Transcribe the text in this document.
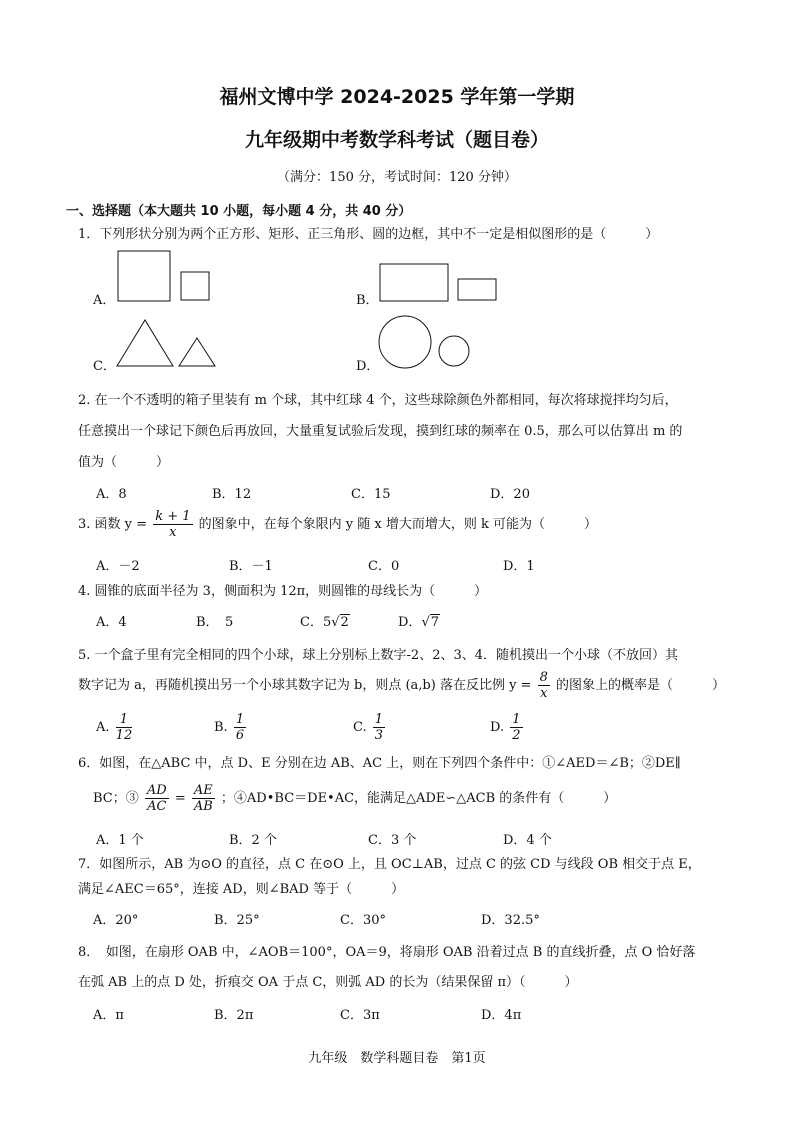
福州文博中学 2024-2025 学年第一学期
九年级期中考数学科考试（题目卷）
（满分：150 分，考试时间：120 分钟）
一、选择题（本大题共 10 小题，每小题 4 分，共 40 分）
1．下列形状分别为两个正方形、矩形、正三角形、圆的边框，其中不一定是相似图形的是（　　　）
A．	B．
C．	D．
2. 在一个不透明的箱子里装有 m 个球，其中红球 4 个，这些球除颜色外都相同，每次将球搅拌均匀后，
任意摸出一个球记下颜色后再放回，大量重复试验后发现，摸到红球的频率在 0.5，那么可以估算出 m 的
值为（　　　）
A．8	B．12	C．15	D．20
3. 函数 $y = \frac{k + 1}{x}$ 的图象中，在每个象限内 y 随 x 增大而增大，则 k 可能为（　　　）
A．－2	B．－1	C．0	D．1
4. 圆锥的底面半径为 3，侧面积为 12π，则圆锥的母线长为（　　　）
A．4	B．　5	C．5√2	D．√7
5. 一个盒子里有完全相同的四个小球，球上分别标上数字-2、2、3、4．随机摸出一个小球（不放回）其
数字记为 a，再随机摸出另一个小球其数字记为 b，则点 (a,b) 落在反比例 $y = \frac{8}{x}$ 的图象上的概率是（　　　）
A. $\frac{1}{12}$	B. $\frac{1}{6}$	C. $\frac{1}{3}$	D. $\frac{1}{2}$
6．如图，在△ABC 中，点 D、E 分别在边 AB、AC 上，则在下列四个条件中：①∠AED＝∠B；②DE∥
BC；③ $\frac{AD}{AC} = \frac{AE}{AB}$ ；④AD•BC＝DE•AC，能满足△ADE∽△ACB 的条件有（　　　）
A．1 个	B．2 个	C．3 个	D．4 个
7．如图所示，AB 为⊙O 的直径，点 C 在⊙O 上，且 OC⊥AB，过点 C 的弦 CD 与线段 OB 相交于点 E，
满足∠AEC＝65°，连接 AD，则∠BAD 等于（　　　）
A．20°	B．25°	C．30°	D．32.5°
8．　如图，在扇形 OAB 中，∠AOB＝100°，OA＝9，将扇形 OAB 沿着过点 B 的直线折叠，点 O 恰好落
在弧 AB 上的点 D 处，折痕交 OA 于点 C，则弧 AD 的长为（结果保留 π）（　　　）
A．π	B．2π	C．3π	D．4π
九年级　数学科题目卷　第1页
